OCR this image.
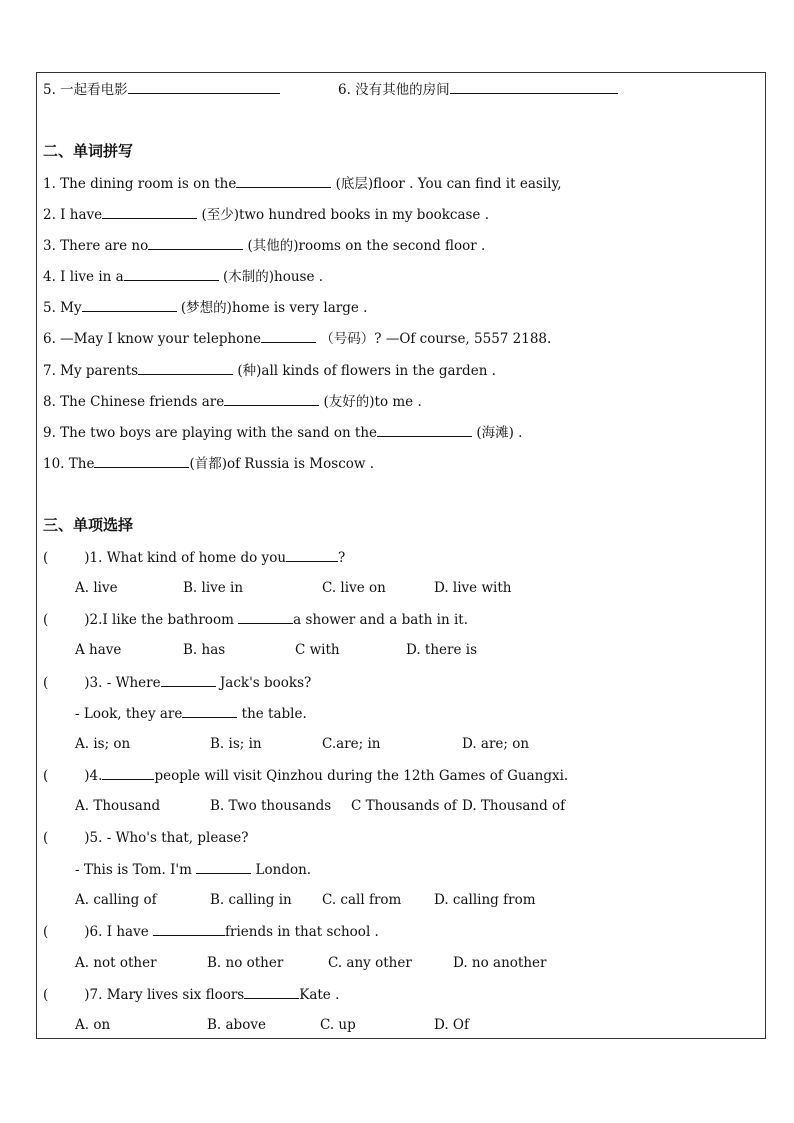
5. 一起看电影	6. 没有其他的房间
二、单词拼写
1. The dining room is on the	(底层)floor . You can find it easily,
2. I have	(至少)two hundred books in my bookcase .
3. There are no	(其他的)rooms on the second floor .
4. I live in a	(木制的)house .
5. My	(梦想的)home is very large .
6. —May I know your telephone	（号码）? —Of course, 5557 2188.
7. My parents	(种)all kinds of flowers in the garden .
8. The Chinese friends are	(友好的)to me .
9. The two boys are playing with the sand on the	(海滩) .
10. The	(首都)of Russia is Moscow .
三、单项选择
(	)1. What kind of home do you	?
A. live	B. live in	C. live on	D. live with
(	)2.I like the bathroom	a shower and a bath in it.
A have	B. has	C with	D. there is
(	)3. - Where	Jack's books?
- Look, they are	the table.
A. is; on	B. is; in	C.are; in	D. are; on
(	)4.	people will visit Qinzhou during the 12th Games of Guangxi.
A. Thousand	B. Two thousands C Thousands of D. Thousand of
(	)5. - Who's that, please?
- This is Tom. I'm	London.
A. calling of	B. calling in C. call from D. calling from
(	)6. I have	friends in that school .
A. not other	B. no other	C. any other	D. no another
(	)7. Mary lives six floors	Kate .
A. on	B. above	C. up	D. Of
